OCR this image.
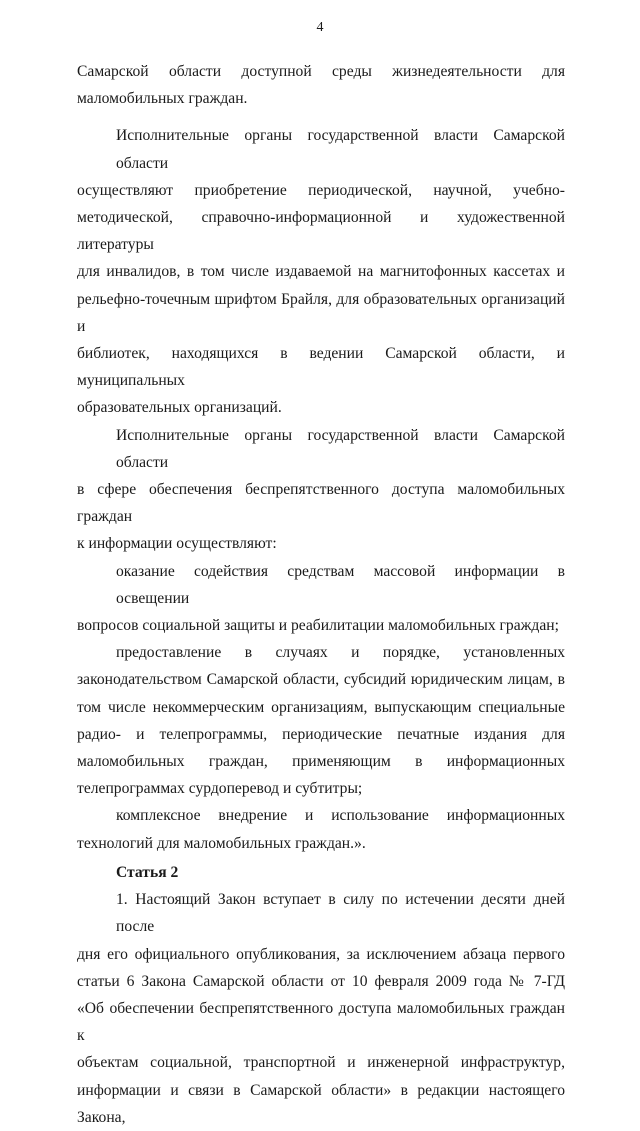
4
Самарской области доступной среды жизнедеятельности для
маломобильных граждан.
Исполнительные органы государственной власти Самарской области
осуществляют приобретение периодической, научной, учебно-
методической, справочно-информационной и художественной литературы
для инвалидов, в том числе издаваемой на магнитофонных кассетах и
рельефно-точечным шрифтом Брайля, для образовательных организаций и
библиотек, находящихся в ведении Самарской области, и муниципальных
образовательных организаций.
Исполнительные органы государственной власти Самарской области
в сфере обеспечения беспрепятственного доступа маломобильных граждан
к информации осуществляют:
оказание содействия средствам массовой информации в освещении
вопросов социальной защиты и реабилитации маломобильных граждан;
предоставление в случаях и порядке, установленных
законодательством Самарской области, субсидий юридическим лицам, в
том числе некоммерческим организациям, выпускающим специальные
радио- и телепрограммы, периодические печатные издания для
маломобильных граждан, применяющим в информационных
телепрограммах сурдоперевод и субтитры;
комплексное внедрение и использование информационных
технологий для маломобильных граждан.».
Статья 2
1. Настоящий Закон вступает в силу по истечении десяти дней после
дня его официального опубликования, за исключением абзаца первого
статьи 6 Закона Самарской области от 10 февраля 2009 года № 7-ГД
«Об обеспечении беспрепятственного доступа маломобильных граждан к
объектам социальной, транспортной и инженерной инфраструктур,
информации и связи в Самарской области» в редакции настоящего Закона,
